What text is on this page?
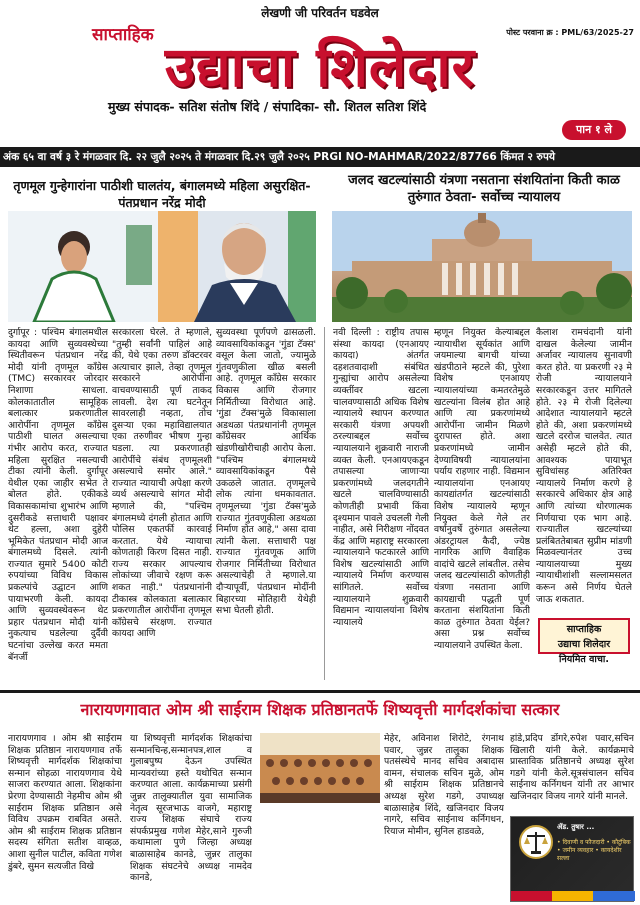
लेखणी जी परिवर्तन घडवेल
साप्ताहिक	पोस्ट परवाना क्र : PML/63/2025-27
उद्याचा शिलेदार
मुख्य संपादक- सतिश संतोष शिंदे / संपादिका- सौ. शितल सतिश शिंदे
पान १ ले
अंक ६५ वा वर्ष ३ रे मंगळवार दि. २२ जुलै २०२५ ते मंगळवार दि.२९ जुलै २०२५ PRGI NO-MAHMAR/2022/87766 किंमत २ रुपये
तृणमूल गुन्हेगारांना पाठीशी घालतंय, बंगालमध्ये महिला असुरक्षित- पंतप्रधान नरेंद्र मोदी
जलद खटल्यांसाठी यंत्रणा नसताना संशयितांना किती काळ तुरुंगात ठेवता- सर्वोच्च न्यायालय
दुर्गापूर : पश्चिम बंगालमधील कायदा आणि सुव्यवस्थेच्या स्थितीवरून पंतप्रधान नरेंद्र मोदी यांनी तृणमूल काँग्रेस (TMC) सरकारवर जोरदार निशाणा साधला. कोलकातातील सामूहिक बलात्कार प्रकरणातील आरोपींना तृणमूल काँग्रेस पाठीशी घालत असल्याचा गंभीर आरोप करत, राज्यात महिला सुरक्षित नसल्याची टीका त्यांनी केली. दुर्गापूर येथील एका जाहीर सभेत ते बोलत होते. एकीकडे विकासकामांचा शुभारंभ आणि दुसरीकडे सत्ताधारी पक्षावर थेट हल्ला, अशा दुहेरी भूमिकेत पंतप्रधान मोदी आज बंगालमध्ये दिसले. त्यांनी राज्यात सुमारे 5400 कोटी रुपयांच्या विविध विकास प्रकल्पांचे उद्घाटन आणि पायाभरणी केली. कायदा आणि सुव्यवस्थेवरून थेट प्रहार पंतप्रधान मोदी यांनी नुकत्याच घडलेल्या दुर्दैवी घटनांचा उल्लेख करत ममता बॅनर्जी
सरकारला घेरले. ते म्हणाले, "तुम्ही सर्वांनी पाहिलं आहे की, येथे एका तरुण डॉक्टरवर अत्याचार झाले, तेव्हा तृणमूल सरकारने आरोपींना वाचवण्यासाठी पूर्ण ताकद लावली. देश त्या घटनेतून सावरलाही नव्हता, तोच दुसऱ्या एका महाविद्यालयात एका तरुणीवर भीषण गुन्हा घडला. त्या प्रकरणातही आरोपींचे संबंध तृणमूलशी असल्याचे समोर आले." राज्यात न्यायाची अपेक्षा करणे व्यर्थ असल्याचे सांगत मोदी म्हणाले की, "पश्चिम बंगालमध्ये दंगली होतात आणि पोलिस एकतर्फी कारवाई करतात. येथे न्यायाचा कोणताही किरण दिसत नाही. राज्य सरकार आपल्याच लोकांच्या जीवाचे रक्षण करू शकत नाही." पंतप्रधानांनी टीकास्त्र कोलकाता बलात्कार प्रकरणातील आरोपींना तृणमूल काँग्रेसचे संरक्षण. राज्यात कायदा आणि
सुव्यवस्था पूर्णपणे ढासळली. व्यावसायिकांकडून 'गुंडा टॅक्स' वसूल केला जातो, ज्यामुळे गुंतवणुकीला खीळ बसली आहे. तृणमूल काँग्रेस सरकार विकास आणि रोजगार निर्मितीच्या विरोधात आहे. 'गुंडा टॅक्स'मुळे विकासाला अडथळा पंतप्रधानांनी तृणमूल काँग्रेसवर आर्थिक खंडणीखोरीचाही आरोप केला. "पश्चिम बंगालमध्ये व्यावसायिकांकडून पैसे उकळले जातात. तृणमूलचे लोक त्यांना धमकावतात. तृणमूलच्या 'गुंडा टॅक्स'मुळे राज्यात गुंतवणुकीला अडथळा निर्माण होत आहे," असा दावा त्यांनी केला. सत्ताधारी पक्ष राज्यात गुंतवणूक आणि रोजगार निर्मितीच्या विरोधात असल्याचेही ते म्हणाले.या दौऱ्यापूर्वी, पंतप्रधान मोदींनी बिहारच्या मोतिहारी येथेही सभा घेतली होती.
नवी दिल्ली : राष्ट्रीय तपास संस्था कायदा (एनआयए कायदा) अंतर्गत दहशतवादाशी संबंधित गुन्ह्यांचा आरोप असलेल्या व्यक्तींवर खटला चालवण्यासाठी अधिक विशेष न्यायालये स्थापन करण्यात सरकारी यंत्रणा अपयशी ठरल्याबद्दल सर्वोच्च न्यायालयाने शुक्रवारी नाराजी व्यक्त केली. एनआयएकडून तपासल्या जाणाऱ्या प्रकरणांमध्ये जलदगतीने खटले चालविण्यासाठी कोणतीही प्रभावी किंवा दृश्यमान पावले उचलली गेली नाहीत, असे निरीक्षण नोंदवत केंद्र आणि महाराष्ट्र सरकारला न्यायालयाने फटकारले आणि विशेष खटल्यांसाठी आणि न्यायालये निर्माण करण्यास सांगितले. सर्वोच्च न्यायालयाने शुक्रवारी विद्यमान न्यायालयांना विशेष न्यायालये
म्हणून नियुक्त केल्याबद्दल न्यायाधीश सूर्यकांत आणि जयमाल्या बागची यांच्या खंडपीठाने म्हटले की, पुरेशा विशेष एनआयए न्यायालयांच्या कमतरतेमुळे खटल्यांना विलंब होत आहे आणि त्या प्रकरणांमध्ये आरोपींना जामीन मिळणे दुरापास्त होते. अशा प्रकरणांमध्ये जामीन देण्याविषयी न्यायालयांना पर्याय राहणार नाही. विद्यमान न्यायालयांना एनआयए कायद्यांतर्गत खटल्यांसाठी विशेष न्यायालये म्हणून नियुक्त केले गेले तर वर्षानुवर्षे तुरुंगात असलेल्या अंडरट्रायल कैदी, ज्येष्ठ नागरिक आणि वैवाहिक वादांचे खटले लांबतील. तसेच जलद खटल्यांसाठी कोणतीही यंत्रणा नसताना आणि कायद्याची पद्धती पूर्ण करताना संशयितांना किती काळ तुरुंगात ठेवता येईल? असा प्रश्न सर्वोच्च न्यायालयाने उपस्थित केला.
कैलाश रामचंदानी यांनी दाखल केलेल्या जामीन अर्जावर न्यायालय सुनावणी करत होते. या प्रकरणी २३ मे रोजी न्यायालयाने सरकारकडून उत्तर मागितले होते. २३ मे रोजी दिलेल्या आदेशात न्यायालयाने म्हटले होते की, अशा प्रकरणांमध्ये खटले दररोज चालवेत. त्यात असेही म्हटले होते की, आवश्यक पायाभूत सुविधांसह अतिरिक्त न्यायालये निर्माण करणे हे सरकारचे अधिकार क्षेत्र आहे आणि त्यांच्या धोरणात्मक निर्णयाचा एक भाग आहे. राज्यातील खटल्यांच्या प्रलंबिततेबाबत सुप्रीम मांडणी मिळवल्यानंतर उच्च न्यायालयाच्या मुख्य न्यायाधीशांशी सल्लामसलत करून असे निर्णय घेतले जाऊ शकतात.
साप्ताहिक
उद्याचा शिलेदार
नियमित वाचा.
नारायणगावात ओम श्री साईराम शिक्षक प्रतिष्ठानतर्फे शिष्यवृत्ती मार्गदर्शकांचा सत्कार
नारायणगाव । ओम श्री साईराम शिक्षक प्रतिष्ठान नारायणगाव तर्फे शिष्यवृत्ती मार्गदर्शक शिक्षकांचा सन्मान सोहळा नारायणगाव येथे साजरा करण्यात आला. शिक्षकांना प्रेरणा देण्यासाठी नेहमीच ओम श्री साईराम शिक्षक प्रतिष्ठान असे विविध उपक्रम राबवित असते. ओम श्री साईराम शिक्षक प्रतिष्ठान सदस्य संगिता सतीश वाव्हळ, आशा सुनील पाटील, कविता गणेश डुंबरे, सुमन सत्यजीत विखे
या शिष्यवृत्ती मार्गदर्शक शिक्षकांचा सन्मानचिन्ह,सन्मानपत्र,शाल व गुलाबपुष्प देऊन उपस्थित मान्यवरांच्या हस्ते यथोचित सन्मान करण्यात आला. कार्यक्रमाच्या प्रसंगी जुन्नर तालुक्यातील युवा सामाजिक नेतृत्व सूरजभाऊ वाजगे, महाराष्ट्र राज्य शिक्षक संघाचे राज्य संपर्कप्रमुख गणेश मेहेर,साने गुरुजी कथामाला पुणे जिल्हा अध्यक्ष बाळासाहेब कानडे, जुन्नर तालुका शिक्षक संघटनेचे अध्यक्ष नामदेव कानडे,
मेहेर, अविनाश शिरोटे, रंगनाथ पवार, जुन्नर तालुका शिक्षक पतसंस्थेचे मानद सचिव अबादास वामन, संचालक सचिन मुळे, ओम श्री साईराम शिक्षक प्रतिष्ठानचे अध्यक्ष सुरेश गडगे, उपाध्यक्ष बाळासाहेब शिंदे, खजिनदार विजय नागरे, सचिव साईनाथ कर्निगधन, रियाज मोमीन, सुनिल हाडवळे,
हांडे,प्रदिप डोंगरे,रुपेश पवार,सचिन खिलारी यांनी केले. कार्यक्रमाचे प्रास्ताविक प्रतिष्ठानचे अध्यक्ष सुरेश गडगे यांनी केले.सूत्रसंचालन सचिव साईनाथ कर्निगधन यांनी तर आभार खजिनदार विजय नागरे यांनी मानले.
ॲड. तुषार ...
• दिवाणी व फौजदारी • कौटुंबिक • जमीन व्यवहार • कायदेशीर सल्ला
